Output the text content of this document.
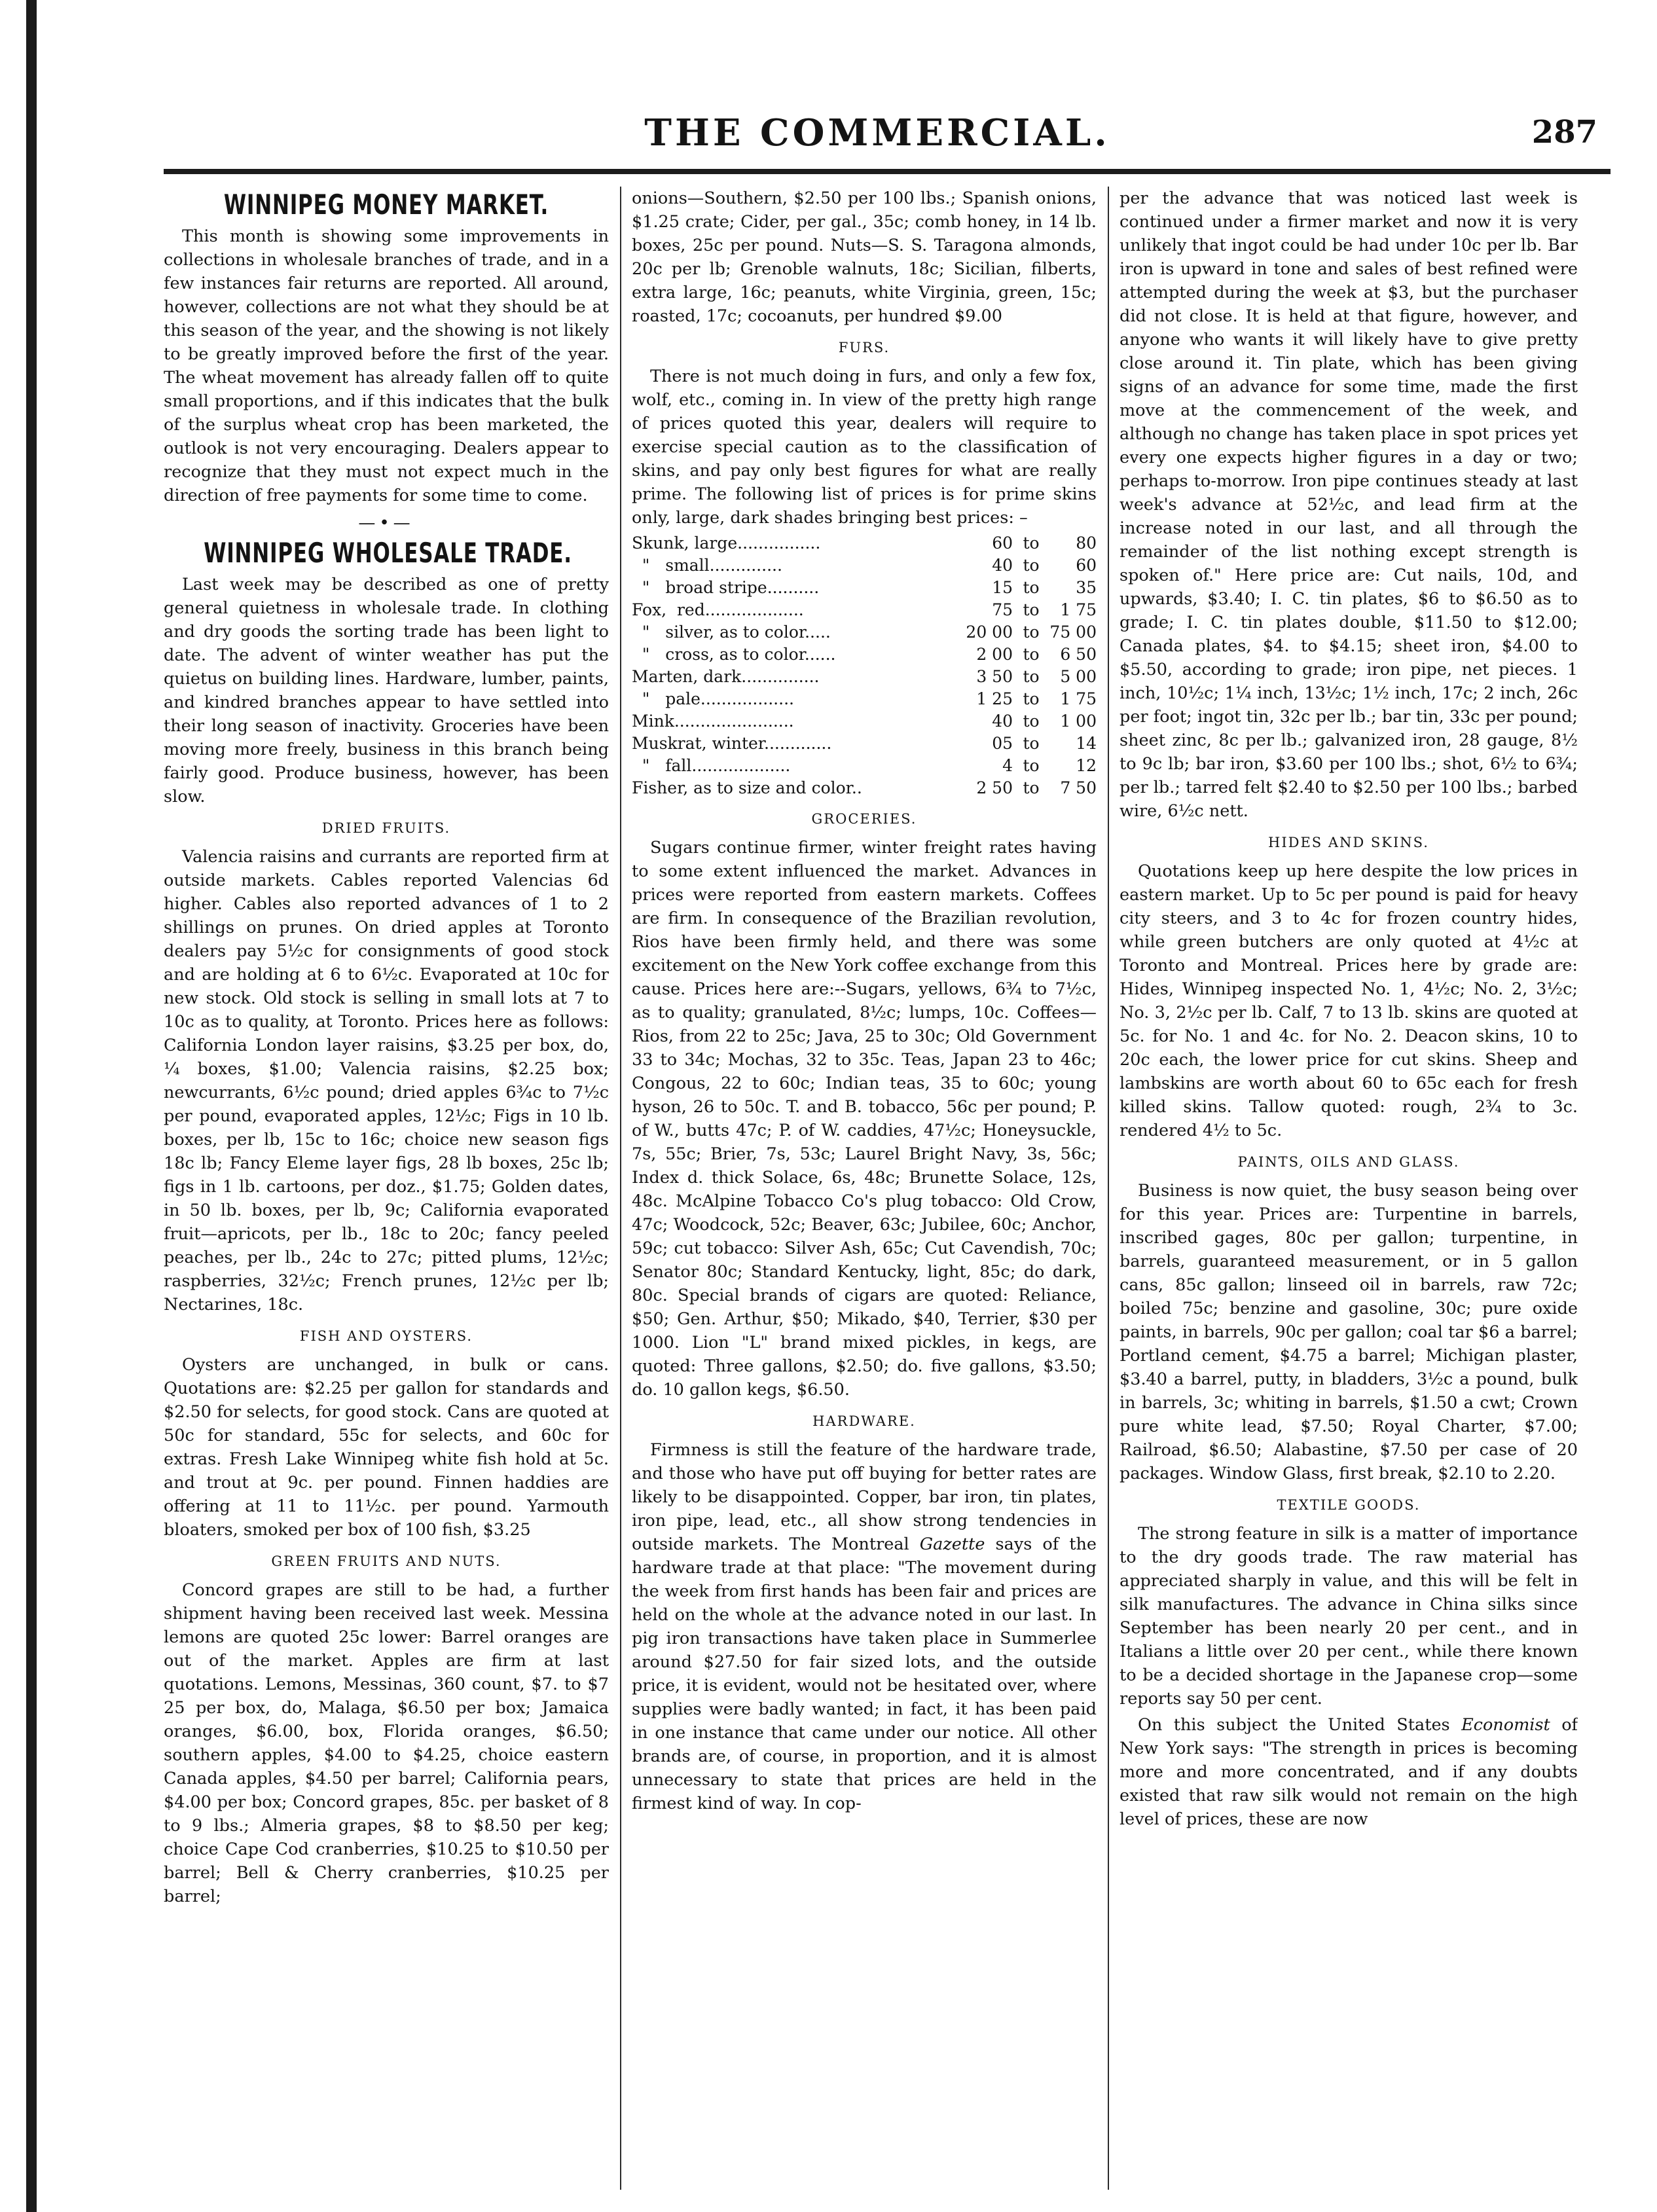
THE COMMERCIAL.	287
WINNIPEG MONEY MARKET.

This month is showing some improvements in collections in wholesale branches of trade, and in a few instances fair returns are reported. All around, however, collections are not what they should be at this season of the year, and the showing is not likely to be greatly improved before the first of the year. The wheat movement has already fallen off to quite small proportions, and if this indicates that the bulk of the surplus wheat crop has been marketed, the outlook is not very encouraging. Dealers appear to recognize that they must not expect much in the direction of free payments for some time to come.

—•—
WINNIPEG WHOLESALE TRADE.

Last week may be described as one of pretty general quietness in wholesale trade. In clothing and dry goods the sorting trade has been light to date. The advent of winter weather has put the quietus on building lines. Hardware, lumber, paints, and kindred branches appear to have settled into their long season of inactivity. Groceries have been moving more freely, business in this branch being fairly good. Produce business, however, has been slow.

DRIED FRUITS.

Valencia raisins and currants are reported firm at outside markets. Cables reported Valencias 6d higher. Cables also reported advances of 1 to 2 shillings on prunes. On dried apples at Toronto dealers pay 5½c for consignments of good stock and are holding at 6 to 6½c. Evaporated at 10c for new stock. Old stock is selling in small lots at 7 to 10c as to quality, at Toronto. Prices here as follows: California London layer raisins, $3.25 per box, do, ¼ boxes, $1.00; Valencia raisins, $2.25 box; newcurrants, 6½c pound; dried apples 6¾c to 7½c per pound, evaporated apples, 12½c; Figs in 10 lb. boxes, per lb, 15c to 16c; choice new season figs 18c lb; Fancy Eleme layer figs, 28 lb boxes, 25c lb; figs in 1 lb. cartoons, per doz., $1.75; Golden dates, in 50 lb. boxes, per lb, 9c; California evaporated fruit—apricots, per lb., 18c to 20c; fancy peeled peaches, per lb., 24c to 27c; pitted plums, 12½c; raspberries, 32½c; French prunes, 12½c per lb; Nectarines, 18c.

FISH AND OYSTERS.

Oysters are unchanged, in bulk or cans. Quotations are: $2.25 per gallon for standards and $2.50 for selects, for good stock. Cans are quoted at 50c for standard, 55c for selects, and 60c for extras. Fresh Lake Winnipeg white fish hold at 5c. and trout at 9c. per pound. Finnen haddies are offering at 11 to 11½c. per pound. Yarmouth bloaters, smoked per box of 100 fish, $3.25

GREEN FRUITS AND NUTS.

Concord grapes are still to be had, a further shipment having been received last week. Messina lemons are quoted 25c lower: Barrel oranges are out of the market. Apples are firm at last quotations. Lemons, Messinas, 360 count, $7. to $7 25 per box, do, Malaga, $6.50 per box; Jamaica oranges, $6.00, box, Florida oranges, $6.50; southern apples, $4.00 to $4.25, choice eastern Canada apples, $4.50 per barrel; California pears, $4.00 per box; Concord grapes, 85c. per basket of 8 to 9 lbs.; Almeria grapes, $8 to $8.50 per keg; choice Cape Cod cranberries, $10.25 to $10.50 per barrel; Bell & Cherry cranberries, $10.25 per barrel;

onions—Southern, $2.50 per 100 lbs.; Spanish onions, $1.25 crate; Cider, per gal., 35c; comb honey, in 14 lb. boxes, 25c per pound. Nuts—S. S. Taragona almonds, 20c per lb; Grenoble walnuts, 18c; Sicilian, filberts, extra large, 16c; peanuts, white Virginia, green, 15c; roasted, 17c; cocoanuts, per hundred $9.00

FURS.

There is not much doing in furs, and only a few fox, wolf, etc., coming in. In view of the pretty high range of prices quoted this year, dealers will require to exercise special caution as to the classification of skins, and pay only best figures for what are really prime. The following list of prices is for prime skins only, large, dark shades bringing best prices: –

Skunk, large................	60	to	80
"   small..............	40	to	60
"   broad stripe..........	15	to	35
Fox,  red...................	75	to	1 75
"   silver, as to color.....	20 00	to	75 00
"   cross, as to color......	2 00	to	6 50
Marten, dark...............	3 50	to	5 00
"   pale..................	1 25	to	1 75
Mink.......................	40	to	1 00
Muskrat, winter.............	05	to	14
"   fall...................	4	to	12
Fisher, as to size and color..	2 50	to	7 50
GROCERIES.

Sugars continue firmer, winter freight rates having to some extent influenced the market. Advances in prices were reported from eastern markets. Coffees are firm. In consequence of the Brazilian revolution, Rios have been firmly held, and there was some excitement on the New York coffee exchange from this cause. Prices here are:--Sugars, yellows, 6¾ to 7½c, as to quality; granulated, 8½c; lumps, 10c. Coffees—Rios, from 22 to 25c; Java, 25 to 30c; Old Government 33 to 34c; Mochas, 32 to 35c. Teas, Japan 23 to 46c; Congous, 22 to 60c; Indian teas, 35 to 60c; young hyson, 26 to 50c. T. and B. tobacco, 56c per pound; P. of W., butts 47c; P. of W. caddies, 47½c; Honeysuckle, 7s, 55c; Brier, 7s, 53c; Laurel Bright Navy, 3s, 56c; Index d. thick Solace, 6s, 48c; Brunette Solace, 12s, 48c. McAlpine Tobacco Co's plug tobacco: Old Crow, 47c; Woodcock, 52c; Beaver, 63c; Jubilee, 60c; Anchor, 59c; cut tobacco: Silver Ash, 65c; Cut Cavendish, 70c; Senator 80c; Standard Kentucky, light, 85c; do dark, 80c. Special brands of cigars are quoted: Reliance, $50; Gen. Arthur, $50; Mikado, $40, Terrier, $30 per 1000. Lion "L" brand mixed pickles, in kegs, are quoted: Three gallons, $2.50; do. five gallons, $3.50; do. 10 gallon kegs, $6.50.

HARDWARE.

Firmness is still the feature of the hardware trade, and those who have put off buying for better rates are likely to be disappointed. Copper, bar iron, tin plates, iron pipe, lead, etc., all show strong tendencies in outside markets. The Montreal Gazette says of the hardware trade at that place: "The movement during the week from first hands has been fair and prices are held on the whole at the advance noted in our last. In pig iron transactions have taken place in Summerlee around $27.50 for fair sized lots, and the outside price, it is evident, would not be hesitated over, where supplies were badly wanted; in fact, it has been paid in one instance that came under our notice. All other brands are, of course, in proportion, and it is almost unnecessary to state that prices are held in the firmest kind of way. In cop-

per the advance that was noticed last week is continued under a firmer market and now it is very unlikely that ingot could be had under 10c per lb. Bar iron is upward in tone and sales of best refined were attempted during the week at $3, but the purchaser did not close. It is held at that figure, however, and anyone who wants it will likely have to give pretty close around it. Tin plate, which has been giving signs of an advance for some time, made the first move at the commencement of the week, and although no change has taken place in spot prices yet every one expects higher figures in a day or two; perhaps to-morrow. Iron pipe continues steady at last week's advance at 52½c, and lead firm at the increase noted in our last, and all through the remainder of the list nothing except strength is spoken of." Here price are: Cut nails, 10d, and upwards, $3.40; I. C. tin plates, $6 to $6.50 as to grade; I. C. tin plates double, $11.50 to $12.00; Canada plates, $4. to $4.15; sheet iron, $4.00 to $5.50, according to grade; iron pipe, net pieces. 1 inch, 10½c; 1¼ inch, 13½c; 1½ inch, 17c; 2 inch, 26c per foot; ingot tin, 32c per lb.; bar tin, 33c per pound; sheet zinc, 8c per lb.; galvanized iron, 28 gauge, 8½ to 9c lb; bar iron, $3.60 per 100 lbs.; shot, 6½ to 6¾; per lb.; tarred felt $2.40 to $2.50 per 100 lbs.; barbed wire, 6½c nett.

HIDES AND SKINS.

Quotations keep up here despite the low prices in eastern market. Up to 5c per pound is paid for heavy city steers, and 3 to 4c for frozen country hides, while green butchers are only quoted at 4½c at Toronto and Montreal. Prices here by grade are: Hides, Winnipeg inspected No. 1, 4½c; No. 2, 3½c; No. 3, 2½c per lb. Calf, 7 to 13 lb. skins are quoted at 5c. for No. 1 and 4c. for No. 2. Deacon skins, 10 to 20c each, the lower price for cut skins. Sheep and lambskins are worth about 60 to 65c each for fresh killed skins. Tallow quoted: rough, 2¾ to 3c. rendered 4½ to 5c.

PAINTS, OILS AND GLASS.

Business is now quiet, the busy season being over for this year. Prices are: Turpentine in barrels, inscribed gages, 80c per gallon; turpentine, in barrels, guaranteed measurement, or in 5 gallon cans, 85c gallon; linseed oil in barrels, raw 72c; boiled 75c; benzine and gasoline, 30c; pure oxide paints, in barrels, 90c per gallon; coal tar $6 a barrel; Portland cement, $4.75 a barrel; Michigan plaster, $3.40 a barrel, putty, in bladders, 3½c a pound, bulk in barrels, 3c; whiting in barrels, $1.50 a cwt; Crown pure white lead, $7.50; Royal Charter, $7.00; Railroad, $6.50; Alabastine, $7.50 per case of 20 packages. Window Glass, first break, $2.10 to 2.20.

TEXTILE GOODS.

The strong feature in silk is a matter of importance to the dry goods trade. The raw material has appreciated sharply in value, and this will be felt in silk manufactures. The advance in China silks since September has been nearly 20 per cent., and in Italians a little over 20 per cent., while there known to be a decided shortage in the Japanese crop—some reports say 50 per cent.

On this subject the United States Economist of New York says: "The strength in prices is becoming more and more concentrated, and if any doubts existed that raw silk would not remain on the high level of prices, these are now
